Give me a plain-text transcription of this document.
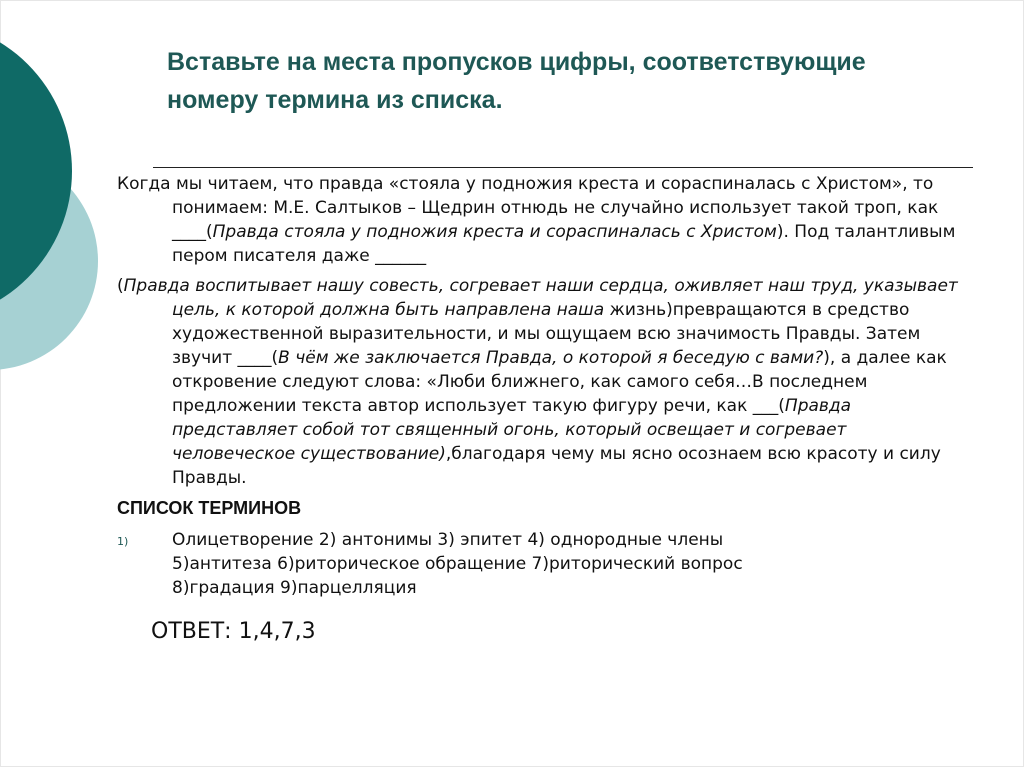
Вставьте на места пропусков цифры, соответствующие
номеру термина из списка.

Когда мы читаем, что правда «стояла у подножия креста и сораспиналась с Христом», то понимаем: М.Е. Салтыков – Щедрин отнюдь не случайно использует такой троп, как ____(Правда стояла у подножия креста и сораспиналась с Христом). Под талантливым пером писателя даже ______

(Правда воспитывает нашу совесть, согревает наши сердца, оживляет наш труд, указывает цель, к которой должна быть направлена наша жизнь)превращаются в средство художественной выразительности, и мы ощущаем всю значимость Правды. Затем звучит ____(В чём же заключается Правда, о которой я беседую с вами?), а далее как откровение следуют слова: «Люби ближнего, как самого себя…В последнем предложении текста автор использует такую фигуру речи, как ___(Правда представляет собой тот священный огонь, который освещает и согревает человеческое существование),благодаря чему мы ясно осознаем всю красоту и силу Правды.

СПИСОК ТЕРМИНОВ
1)	Олицетворение 2) антонимы 3) эпитет 4) однородные члены
5)антитеза 6)риторическое обращение 7)риторический вопрос
8)градация 9)парцелляция
ОТВЕТ: 1,4,7,3
